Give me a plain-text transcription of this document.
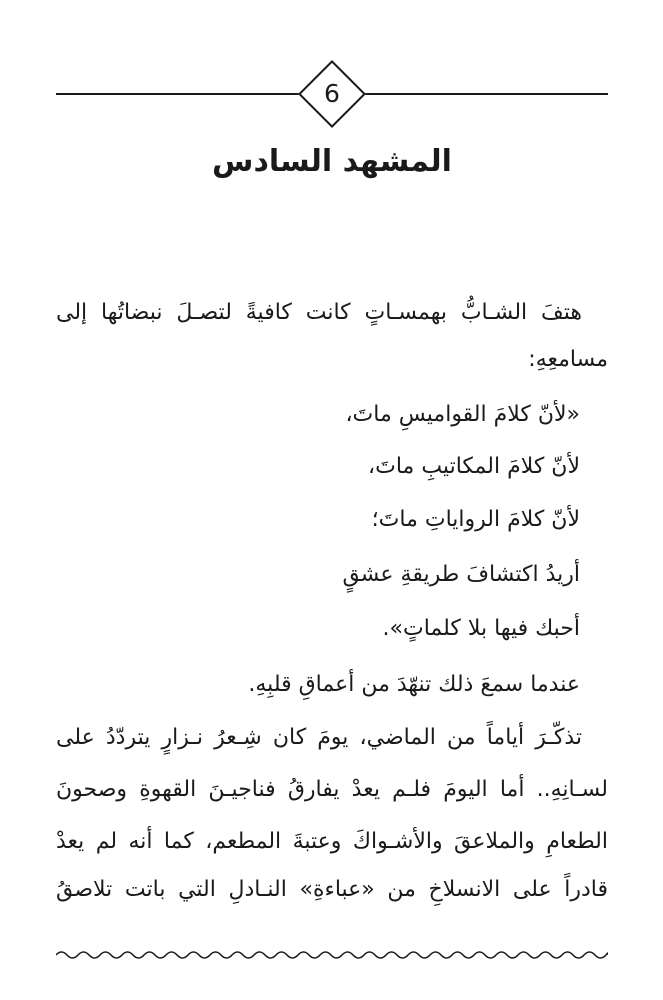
6
المشهد السادس
هتفَ الشـابُّ بهمسـاتٍ كانت كافيةً لتصـلَ نبضاتُها إلى
مسامعِهِ:
«لأنّ كلامَ القواميسِ ماتَ،
لأنّ كلامَ المكاتيبِ ماتَ،
لأنّ كلامَ الرواياتِ ماتَ؛
أريدُ اكتشافَ طريقةِ عشقٍ
أحبك فيها بلا كلماتٍ».
عندما سمعَ ذلك تنهّدَ من أعماقِ قلبِهِ.
تذكّـرَ أياماً من الماضي، يومَ كان شِـعرُ نـزارٍ يتردّدُ على
لسـانِهِ.. أما اليومَ فلـم يعدْ يفارقُ فناجيـنَ القهوةِ وصحونَ
الطعامِ والملاعقَ والأشـواكَ وعتبةَ المطعم، كما أنه لم يعدْ
قادراً على الانسلاخِ من «عباءةِ» النـادلِ التي باتت تلاصقُ
